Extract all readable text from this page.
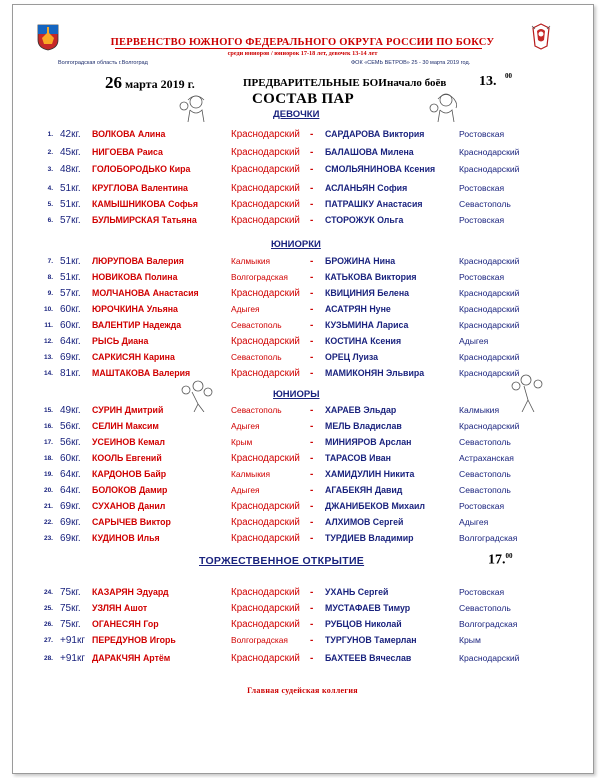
ПЕРВЕНСТВО ЮЖНОГО ФЕДЕРАЛЬНОГО ОКРУГА РОССИИ ПО БОКСУ
среди юниоров / юниорок 17-18 лет, девочек 13-14 лет
Волгоградская область г.Волгоград	ФОК «СЕМЬ ВЕТРОВ» 25 - 30 марта 2019 год.
26 марта 2019 г.	ПРЕДВАРИТЕЛЬНЫЕ БОИ начало боёв 13. 00
СОСТАВ ПАР
ДЕВОЧКИ
ЮНИОРКИ
ЮНИОРЫ
1. 42кг. ВОЛКОВА Алина	Краснодарский - САРДАРОВА Виктория	Ростовская
2. 45кг. НИГОЕВА Раиса	Краснодарский - БАЛАШОВА Милена	Краснодарский
3. 48кг. ГОЛОБОРОДЬКО Кира	Краснодарский - СМОЛЬЯНИНОВА Ксения	Краснодарский
4. 51кг. КРУГЛОВА Валентина	Краснодарский - АСЛАНЬЯН София	Ростовская
5. 51кг. КАМЫШНИКОВА Софья	Краснодарский - ПАТРАШКУ Анастасия	Севастополь
6. 57кг. БУЛЬМИРСКАЯ Татьяна	Краснодарский - СТОРОЖУК Ольга	Ростовская
7. 51кг. ЛЮРУПОВА Валерия	Калмыкия	- БРОЖИНА Нина	Краснодарский
8. 51кг. НОВИКОВА Полина	Волгоградская - КАТЬКОВА Виктория	Ростовская
9. 57кг. МОЛЧАНОВА Анастасия	Краснодарский - КВИЦИНИЯ Белена	Краснодарский
10. 60кг. ЮРОЧКИНА Ульяна	Адыгея	- АСАТРЯН Нуне	Краснодарский
11. 60кг. ВАЛЕНТИР Надежда	Севастополь	- КУЗЬМИНА Лариса	Краснодарский
12. 64кг. РЫСЬ Диана	Краснодарский - КОСТИНА Ксения	Адыгея
13. 69кг. САРКИСЯН Карина	Севастополь	- ОРЕЦ Луиза	Краснодарский
14. 81кг. МАШТАКОВА Валерия	Краснодарский - МАМИКОНЯН Эльвира	Краснодарский
15. 49кг. СУРИН Дмитрий	Севастополь	- ХАРАЕВ Эльдар	Калмыкия
16. 56кг. СЕЛИН Максим	Адыгея	- МЕЛЬ Владислав	Краснодарский
17. 56кг. УСЕИНОВ Кемал	Крым	- МИНИЯРОВ Арслан	Севастополь
18. 60кг. КООЛЬ Евгений	Краснодарский - ТАРАСОВ Иван	Астраханская
19. 64кг. КАРДОНОВ Байр	Калмыкия	- ХАМИДУЛИН Никита	Севастополь
20. 64кг. БОЛОКОВ Дамир	Адыгея	- АГАБЕКЯН Давид	Севастополь
21. 69кг. СУХАНОВ Данил	Краснодарский - ДЖАНИБЕКОВ Михаил	Ростовская
22. 69кг. САРЫЧЕВ Виктор	Краснодарский - АЛХИМОВ Сергей	Адыгея
23. 69кг. КУДИНОВ Илья	Краснодарский - ТУРДИЕВ Владимир	Волгоградская
24. 75кг. КАЗАРЯН Эдуард	Краснодарский - УХАНЬ Сергей	Ростовская
25. 75кг. УЗЛЯН Ашот	Краснодарский - МУСТАФАЕВ Тимур	Севастополь
26. 75кг. ОГАНЕСЯН Гор	Краснодарский - РУБЦОВ Николай	Волгоградская
27. +91кг ПЕРЕДУНОВ Игорь	Волгоградская - ТУРГУНОВ Тамерлан	Крым
28. +91кг ДАРАКЧЯН Артём	Краснодарский - БАХТЕЕВ Вячеслав	Краснодарский
ТОРЖЕСТВЕННОЕ ОТКРЫТИЕ	17.00
Главная судейская коллегия
